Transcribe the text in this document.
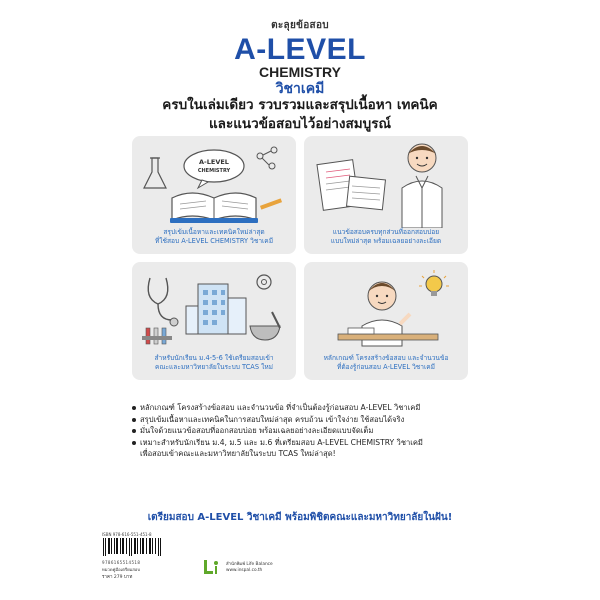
ตะลุยข้อสอบ
A-LEVEL
CHEMISTRY
วิชาเคมี
ครบในเล่มเดียว รวบรวมและสรุปเนื้อหา เทคนิค
และแนวข้อสอบไว้อย่างสมบูรณ์
A-LEVEL
CHEMISTRY
สรุปเข้มเนื้อหาและเทคนิคใหม่ล่าสุด
ที่ใช้สอบ A-LEVEL CHEMISTRY วิชาเคมี
แนวข้อสอบครบทุกส่วนที่ออกสอบบ่อย
แบบใหม่ล่าสุด พร้อมเฉลยอย่างละเอียด
สำหรับนักเรียน ม.4-5-6 ใช้เตรียมสอบเข้า
คณะและมหาวิทยาลัยในระบบ TCAS ใหม่
หลักเกณฑ์ โครงสร้างข้อสอบ และจำนวนข้อ
ที่ต้องรู้ก่อนสอบ A-LEVEL วิชาเคมี
หลักเกณฑ์ โครงสร้างข้อสอบ และจำนวนข้อ ที่จำเป็นต้องรู้ก่อนสอบ A-LEVEL วิชาเคมี
สรุปเข้มเนื้อหาและเทคนิคในการสอบใหม่ล่าสุด ครบถ้วน เข้าใจง่าย ใช้สอบได้จริง
มั่นใจด้วยแนวข้อสอบที่ออกสอบบ่อย พร้อมเฉลยอย่างละเอียดแบบจัดเต็ม
เหมาะสำหรับนักเรียน ม.4, ม.5 และ ม.6 ที่เตรียมสอบ A-LEVEL CHEMISTRY วิชาเคมี
เพื่อสอบเข้าคณะและมหาวิทยาลัยในระบบ TCAS ใหม่ล่าสุด!
เตรียมสอบ A-LEVEL วิชาเคมี พร้อมพิชิตคณะและมหาวิทยาลัยในฝัน!
ISBN 978-616-551-451-8
9786165514518
หมวดคู่มือเตรียมสอบ
ราคา 279 บาท
สำนักพิมพ์ Life Balance
www.inspal.co.th
